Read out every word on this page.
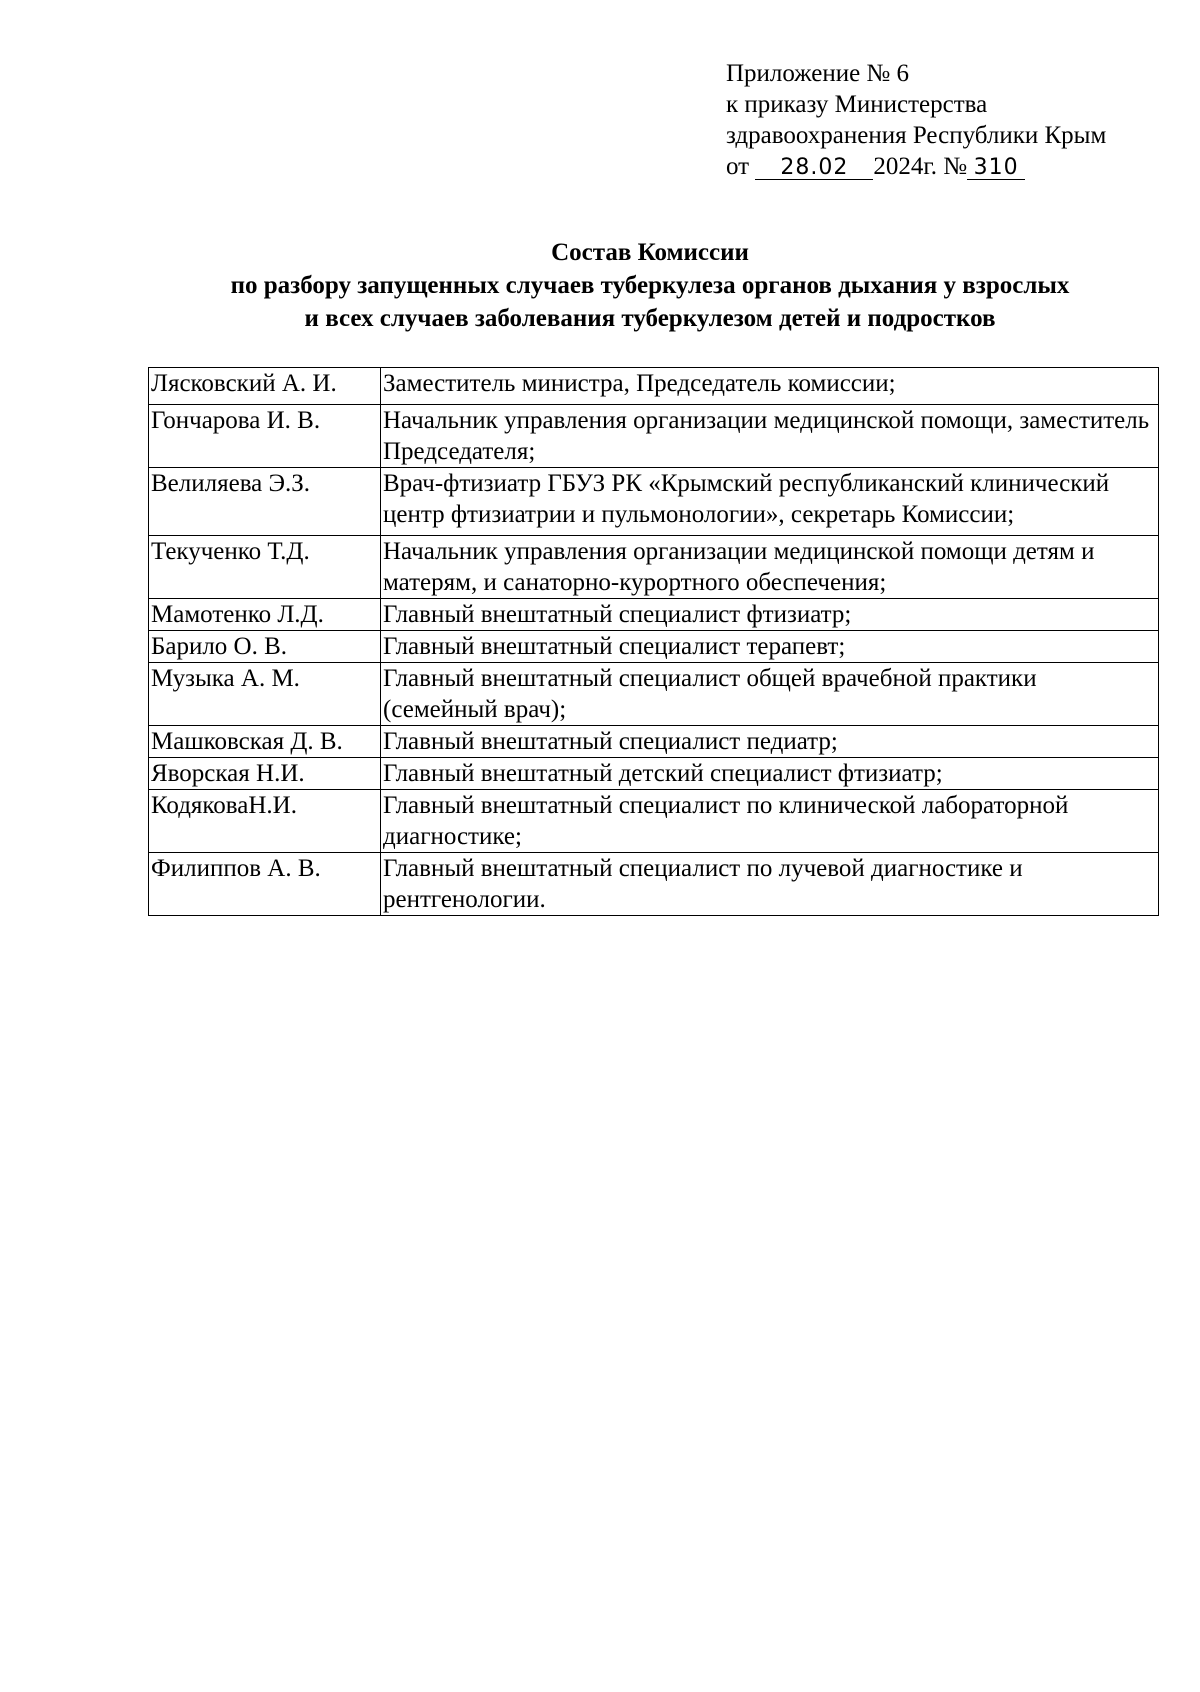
Приложение № 6
к приказу Министерства
здравоохранения Республики Крым
от 28.02 2024г. № 310
Состав Комиссии
по разбору запущенных случаев туберкулеза органов дыхания у взрослых
и всех случаев заболевания туберкулезом детей и подростков
Лясковский А. И.	Заместитель министра, Председатель комиссии;
Гончарова И. В.	Начальник управления организации медицинской помощи, заместитель Председателя;
Велиляева Э.З.	Врач-фтизиатр ГБУЗ РК «Крымский республиканский клинический центр фтизиатрии и пульмонологии», секретарь Комиссии;
Текученко Т.Д.	Начальник управления организации медицинской помощи детям и матерям, и санаторно-курортного обеспечения;
Мамотенко Л.Д.	Главный внештатный специалист фтизиатр;
Барило О. В.	Главный внештатный специалист терапевт;
Музыка А. М.	Главный внештатный специалист общей врачебной практики (семейный врач);
Машковская Д. В.	Главный внештатный специалист педиатр;
Яворская Н.И.	Главный внештатный детский специалист фтизиатр;
КодяковаН.И.	Главный внештатный специалист по клинической лабораторной диагностике;
Филиппов А. В.	Главный внештатный специалист по лучевой диагностике и рентгенологии.
